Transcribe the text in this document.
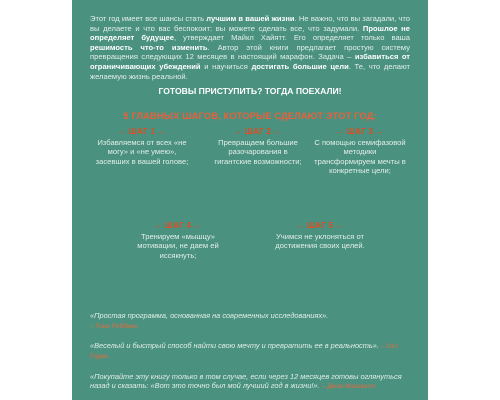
Этот год имеет все шансы стать лучшим в вашей жизни. Не важно, что вы загадали, что вы делаете и что вас беспокоит: вы можете сделать все, что задумали. Прошлое не определяет будущее, утверждает Майкл Хайятт. Его определяет только ваша решимость что-то изменить. Автор этой книги предлагает простую систему превращения следующих 12 месяцев в настоящий марафон. Задача – избавиться от ограничивающих убеждений и научиться достигать большие цели. Те, что делают желаемую жизнь реальной.

ГОТОВЫ ПРИСТУПИТЬ? ТОГДА ПОЕХАЛИ!
5 ГЛАВНЫХ ШАГОВ, КОТОРЫЕ СДЕЛАЮТ ЭТОТ ГОД:
→ ШАГ 1 ←
Избавляемся от всех «не могу» и «не умею», засевших в вашей голове;
→ ШАГ 2 ←
Превращаем большие разочарования в гигантские возможности;
→ ШАГ 3 ←
С помощью семифазовой методики трансформируем мечты в конкретные цели;
→ ШАГ 4 ←
Тренируем «мышцу» мотивации, не даем ей иссякнуть;
→ ШАГ 5 ←
Учимся не уклоняться от достижения своих целей.

«Простая программа, основанная на современных исследованиях».
– Тони Роббинс

«Веселый и быстрый способ найти свою мечту и превратить ее в реальность». – Сет Годин

«Покупайте эту книгу только в том случае, если через 12 месяцев готовы оглянуться назад и сказать: «Вот это точно был мой лучший год в жизни!». – Джон Максвелл
